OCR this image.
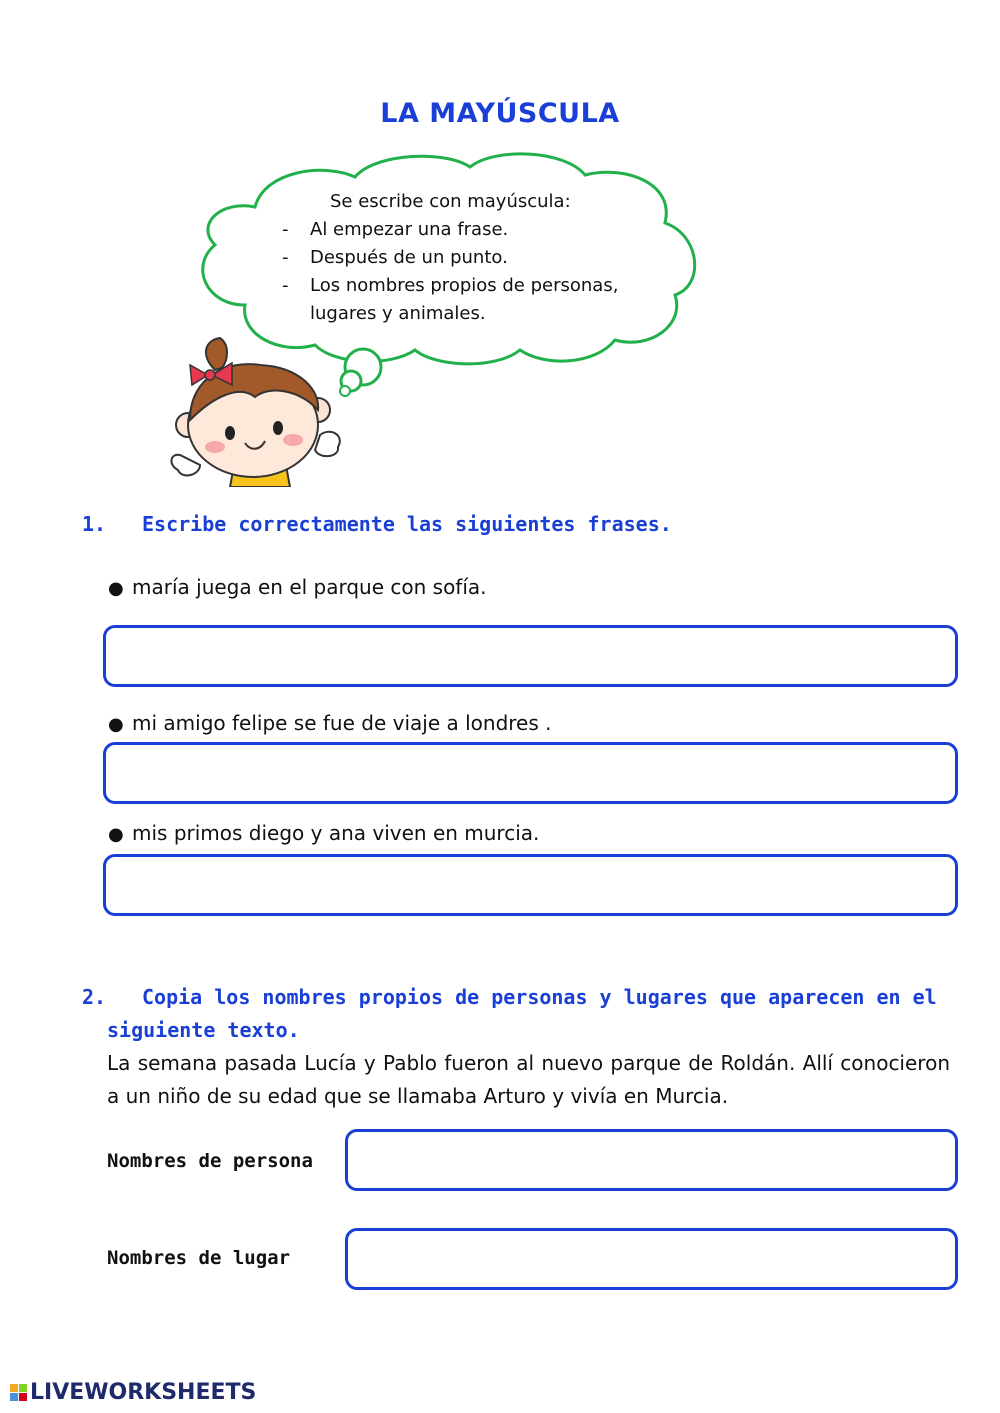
LA MAYÚSCULA
Se escribe con mayúscula:
- Al empezar una frase.
- Después de un punto.
- Los nombres propios de personas,
lugares y animales.
1. Escribe correctamente las siguientes frases.
● maría juega en el parque con sofía.
● mi amigo felipe se fue de viaje a londres .
● mis primos diego y ana viven en murcia.
2. Copia los nombres propios de personas y lugares que aparecen en el
siguiente texto.
La semana pasada Lucía y Pablo fueron al nuevo parque de Roldán. Allí conocieron a un niño de su edad que se llamaba Arturo y vivía en Murcia.
Nombres de persona
Nombres de lugar
LIVEWORKSHEETS
